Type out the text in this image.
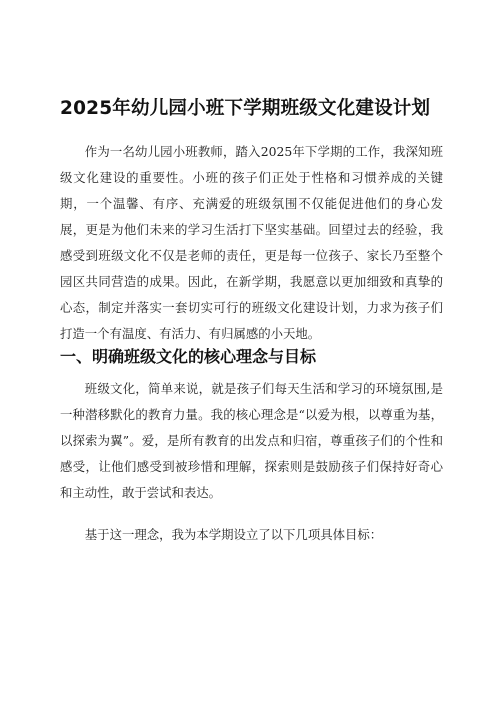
2025年幼儿园小班下学期班级文化建设计划

作为一名幼儿园小班教师，踏入2025年下学期的工作，我深知班级文化建设的重要性。小班的孩子们正处于性格和习惯养成的关键期，一个温馨、有序、充满爱的班级氛围不仅能促进他们的身心发展，更是为他们未来的学习生活打下坚实基础。回望过去的经验，我感受到班级文化不仅是老师的责任，更是每一位孩子、家长乃至整个园区共同营造的成果。因此，在新学期，我愿意以更加细致和真挚的心态，制定并落实一套切实可行的班级文化建设计划，力求为孩子们打造一个有温度、有活力、有归属感的小天地。

一、明确班级文化的核心理念与目标

班级文化，简单来说，就是孩子们每天生活和学习的环境氛围,是一种潜移默化的教育力量。我的核心理念是“以爱为根，以尊重为基，以探索为翼”。爱，是所有教育的出发点和归宿，尊重孩子们的个性和感受，让他们感受到被珍惜和理解，探索则是鼓励孩子们保持好奇心和主动性，敢于尝试和表达。

基于这一理念，我为本学期设立了以下几项具体目标：
